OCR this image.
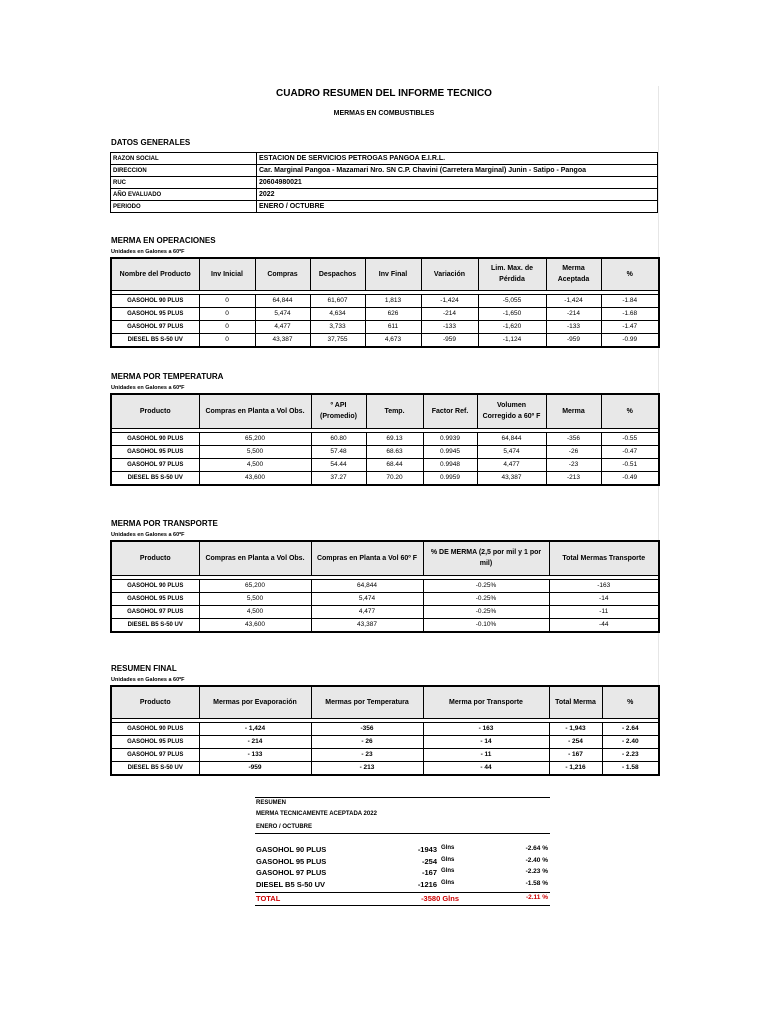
CUADRO RESUMEN DEL INFORME TECNICO
MERMAS EN COMBUSTIBLES
DATOS GENERALES
RAZON SOCIAL	ESTACION DE SERVICIOS PETROGAS PANGOA E.I.R.L.
DIRECCION	Car. Marginal Pangoa - Mazamari Nro. SN C.P. Chavini (Carretera Marginal) Junin - Satipo - Pangoa
RUC	20604980021
AÑO EVALUADO	2022
PERIODO	ENERO / OCTUBRE
MERMA EN OPERACIONES
Unidades en Galones a 60ºF
Nombre del Producto	Inv Inicial	Compras	Despachos	Inv Final	Variación	Lim. Max. de Pérdida	Merma Aceptada	%

GASOHOL 90 PLUS	0	64,844	61,607	1,813	-1,424	-5,055	-1,424	-1.84
GASOHOL 95 PLUS	0	5,474	4,634	626	-214	-1,650	-214	-1.68
GASOHOL 97 PLUS	0	4,477	3,733	611	-133	-1,620	-133	-1.47
DIESEL B5 S-50 UV	0	43,387	37,755	4,673	-959	-1,124	-959	-0.99
MERMA POR TEMPERATURA
Unidades en Galones a 60ºF
Producto	Compras en Planta a Vol Obs.	º API (Promedio)	Temp.	Factor Ref.	Volumen Corregido a 60º F	Merma	%

GASOHOL 90 PLUS	65,200	60.80	69.13	0.9939	64,844	-356	-0.55
GASOHOL 95 PLUS	5,500	57.48	68.63	0.9945	5,474	-26	-0.47
GASOHOL 97 PLUS	4,500	54.44	68.44	0.9948	4,477	-23	-0.51
DIESEL B5 S-50 UV	43,600	37.27	70.20	0.9959	43,387	-213	-0.49
MERMA POR TRANSPORTE
Unidades en Galones a 60ºF
Producto	Compras en Planta a Vol Obs.	Compras en Planta a Vol 60º F	% DE MERMA (2,5 por mil y 1 por mil)	Total Mermas Transporte

GASOHOL 90 PLUS	65,200	64,844	-0.25%	-163
GASOHOL 95 PLUS	5,500	5,474	-0.25%	-14
GASOHOL 97 PLUS	4,500	4,477	-0.25%	-11
DIESEL B5 S-50 UV	43,600	43,387	-0.10%	-44
RESUMEN FINAL
Unidades en Galones a 60ºF
Producto	Mermas por Evaporación	Mermas por Temperatura	Merma por Transporte	Total Merma	%

GASOHOL 90 PLUS	- 1,424	-356	- 163	- 1,943	- 2.64
GASOHOL 95 PLUS	- 214	- 26	- 14	- 254	- 2.40
GASOHOL 97 PLUS	- 133	- 23	- 11	- 167	- 2.23
DIESEL B5 S-50 UV	-959	- 213	- 44	- 1,216	- 1.58
RESUMEN
MERMA TECNICAMENTE ACEPTADA 2022
ENERO / OCTUBRE
GASOHOL 90 PLUS	-1943 Glns	-2.64 %
GASOHOL 95 PLUS	-254 Glns	-2.40 %
GASOHOL 97 PLUS	-167 Glns	-2.23 %
DIESEL B5 S-50 UV	-1216 Glns	-1.58 %
TOTAL	-3580 Glns	-2.11 %
